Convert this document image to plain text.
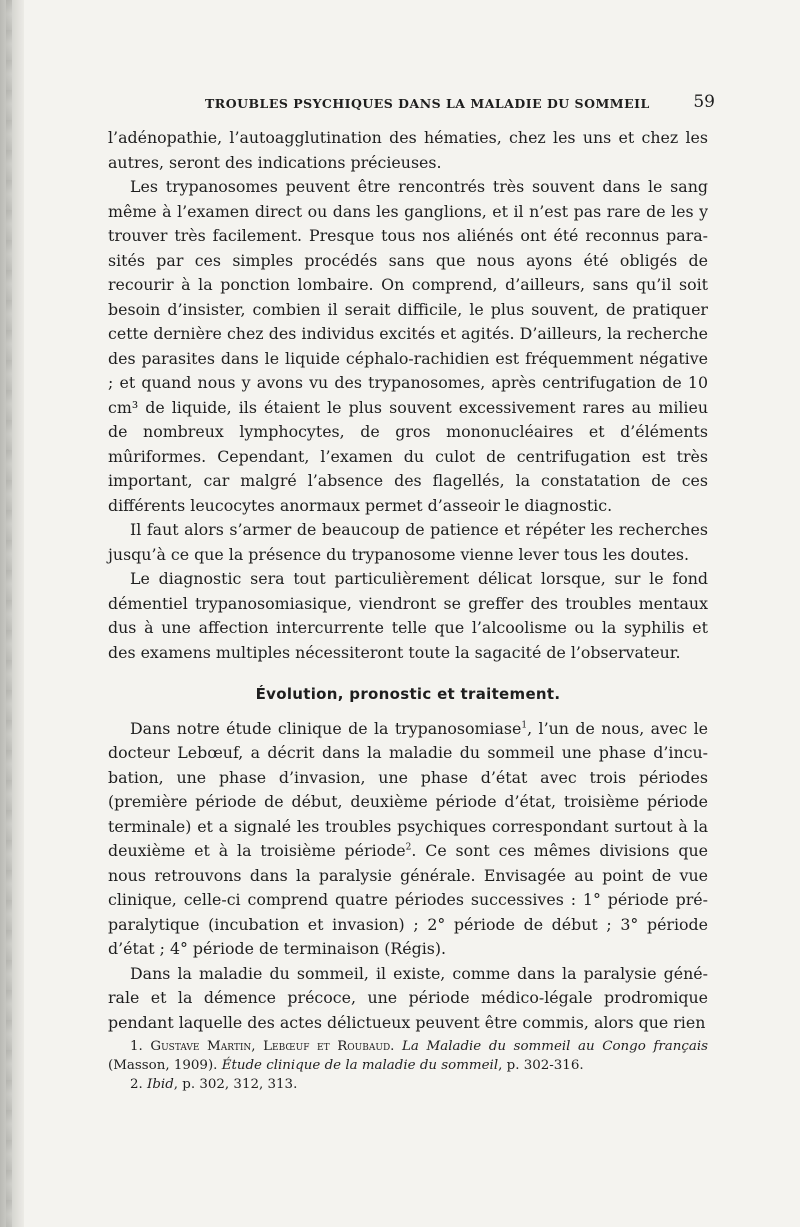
TROUBLES PSYCHIQUES DANS LA MALADIE DU SOMMEIL	59

l’adénopathie, l’autoagglutination des hématies, chez les uns et chez les autres, seront des indications précieuses.

Les trypanosomes peuvent être rencontrés très souvent dans le sang même à l’examen direct ou dans les ganglions, et il n’est pas rare de les y trouver très facilement. Presque tous nos aliénés ont été reconnus parasités par ces simples procédés sans que nous ayons été obligés de recourir à la ponction lombaire. On comprend, d’ailleurs, sans qu’il soit besoin d’insister, combien il serait difficile, le plus souvent, de pratiquer cette dernière chez des individus excités et agités. D’ailleurs, la recherche des parasites dans le liquide céphalo-rachidien est fréquemment négative ; et quand nous y avons vu des trypanosomes, après centrifugation de 10 cm³ de liquide, ils étaient le plus souvent excessivement rares au milieu de nombreux lymphocytes, de gros mononucléaires et d’éléments mûriformes. Cependant, l’examen du culot de centrifugation est très important, car malgré l’absence des flagellés, la constatation de ces différents leucocytes anormaux permet d’asseoir le diagnostic.

Il faut alors s’armer de beaucoup de patience et répéter les recherches jusqu’à ce que la présence du trypanosome vienne lever tous les doutes.

Le diagnostic sera tout particulièrement délicat lorsque, sur le fond démentiel trypanosomiasique, viendront se greffer des troubles mentaux dus à une affection intercurrente telle que l’alcoolisme ou la syphilis et des examens multiples nécessiteront toute la sagacité de l’observateur.

Évolution, pronostic et traitement.

Dans notre étude clinique de la trypanosomiase$^1$, l’un de nous, avec le docteur Lebœuf, a décrit dans la maladie du sommeil une phase d’incubation, une phase d’invasion, une phase d’état avec trois périodes (première période de début, deuxième période d’état, troisième période terminale) et a signalé les troubles psychiques correspondant surtout à la deuxième et à la troisième période$^2$. Ce sont ces mêmes divisions que nous retrouvons dans la paralysie générale. Envisagée au point de vue clinique, celle-ci comprend quatre périodes successives : 1° période préparalytique (incubation et invasion) ; 2° période de début ; 3° période d’état ; 4° période de terminaison (Régis).

Dans la maladie du sommeil, il existe, comme dans la paralysie générale et la démence précoce, une période médico-légale prodromique pendant laquelle des actes délictueux peuvent être commis, alors que rien

1. Gustave Martin, Lebœuf et Roubaud. La Maladie du sommeil au Congo français (Masson, 1909). Étude clinique de la maladie du sommeil, p. 302-316.

2. Ibid, p. 302, 312, 313.
